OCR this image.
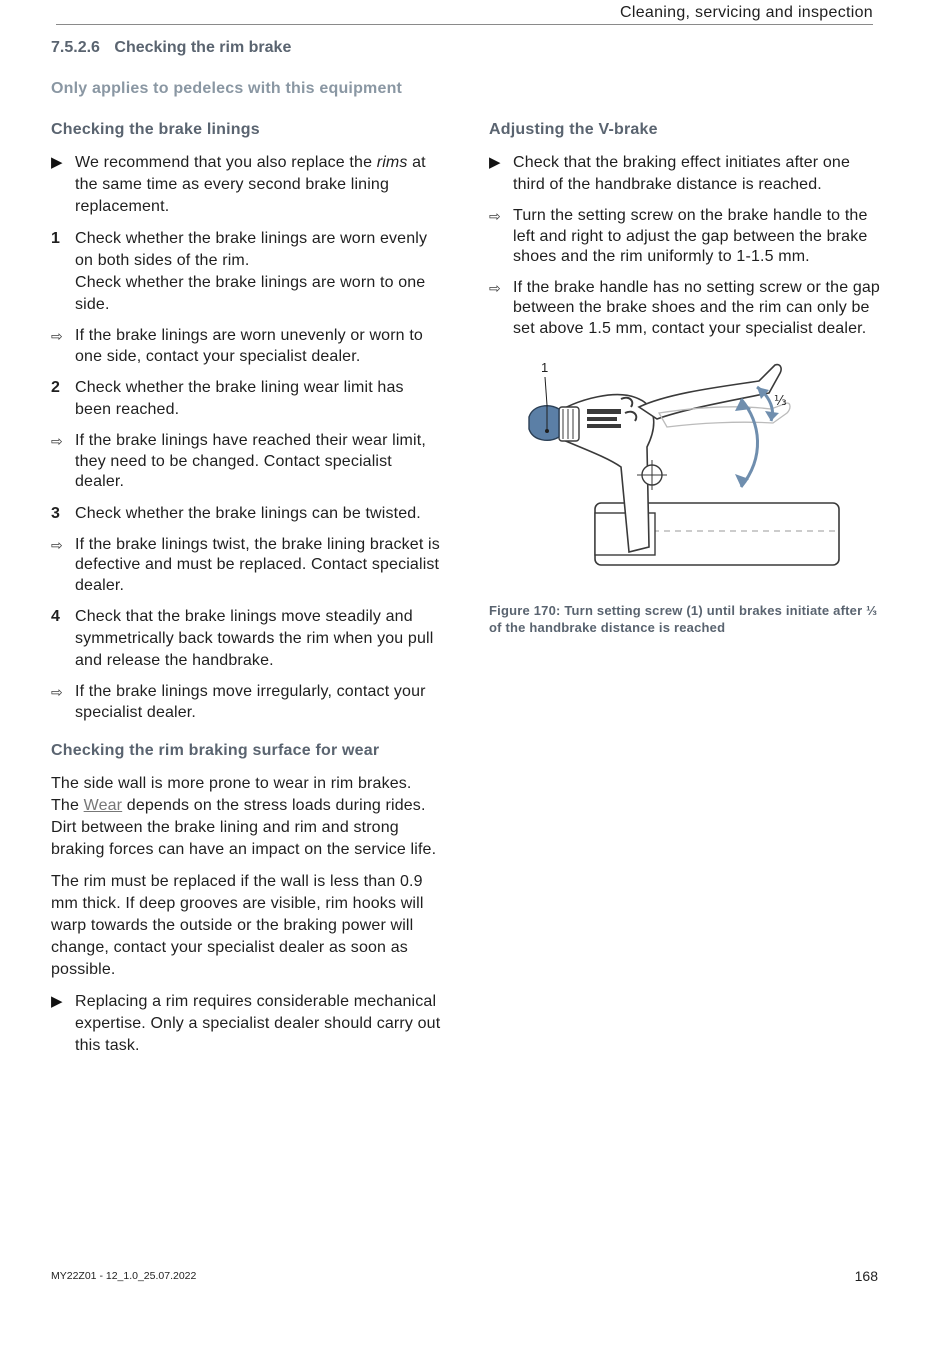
Cleaning, servicing and inspection
7.5.2.6 Checking the rim brake
Only applies to pedelecs with this equipment
Checking the brake linings
▶ We recommend that you also replace the rims at the same time as every second brake lining replacement.
1 Check whether the brake linings are worn evenly on both sides of the rim.
Check whether the brake linings are worn to one side.
⇨ If the brake linings are worn unevenly or worn to one side, contact your specialist dealer.
2 Check whether the brake lining wear limit has been reached.
⇨ If the brake linings have reached their wear limit, they need to be changed. Contact specialist dealer.
3 Check whether the brake linings can be twisted.
⇨ If the brake linings twist, the brake lining bracket is defective and must be replaced. Contact specialist dealer.
4 Check that the brake linings move steadily and symmetrically back towards the rim when you pull and release the handbrake.
⇨ If the brake linings move irregularly, contact your specialist dealer.
Checking the rim braking surface for wear

The side wall is more prone to wear in rim brakes. The Wear depends on the stress loads during rides. Dirt between the brake lining and rim and strong braking forces can have an impact on the service life.

The rim must be replaced if the wall is less than 0.9 mm thick. If deep grooves are visible, rim hooks will warp towards the outside or the braking power will change, contact your specialist dealer as soon as possible.

▶ Replacing a rim requires considerable mechanical expertise. Only a specialist dealer should carry out this task.
Adjusting the V-brake
▶ Check that the braking effect initiates after one third of the handbrake distance is reached.
⇨ Turn the setting screw on the brake handle to the left and right to adjust the gap between the brake shoes and the rim uniformly to 1-1.5 mm.
⇨ If the brake handle has no setting screw or the gap between the brake shoes and the rim can only be set above 1.5 mm, contact your specialist dealer.
1
⅓
Figure 170: Turn setting screw (1) until brakes initiate after ⅓ of the handbrake distance is reached
MY22Z01 - 12_1.0_25.07.2022	168
